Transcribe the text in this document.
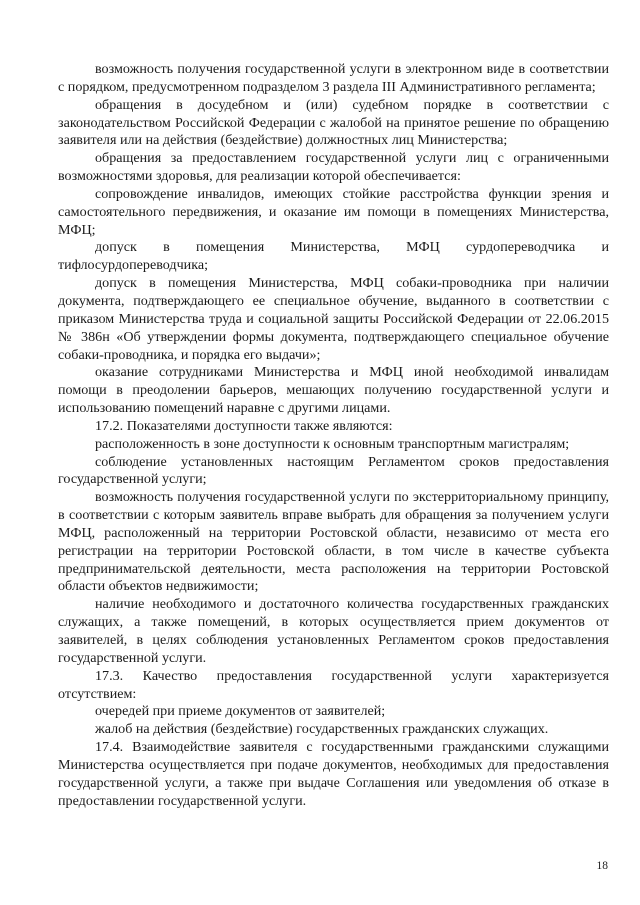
возможность получения государственной услуги в электронном виде в соответствии с порядком, предусмотренном подразделом 3 раздела III Административного регламента;

обращения в досудебном и (или) судебном порядке в соответствии с законодательством Российской Федерации с жалобой на принятое решение по обращению заявителя или на действия (бездействие) должностных лиц Министерства;

обращения за предоставлением государственной услуги лиц с ограниченными возможностями здоровья, для реализации которой обеспечивается:

сопровождение инвалидов, имеющих стойкие расстройства функции зрения и самостоятельного передвижения, и оказание им помощи в помещениях Министерства, МФЦ;

допуск в помещения Министерства, МФЦ сурдопереводчика и тифлосурдопереводчика;

допуск в помещения Министерства, МФЦ собаки-проводника при наличии документа, подтверждающего ее специальное обучение, выданного в соответствии с приказом Министерства труда и социальной защиты Российской Федерации от 22.06.2015 № 386н «Об утверждении формы документа, подтверждающего специальное обучение собаки-проводника, и порядка его выдачи»;

оказание сотрудниками Министерства и МФЦ иной необходимой инвалидам помощи в преодолении барьеров, мешающих получению государственной услуги и использованию помещений наравне с другими лицами.

17.2. Показателями доступности также являются:

расположенность в зоне доступности к основным транспортным магистралям;

соблюдение установленных настоящим Регламентом сроков предоставления государственной услуги;

возможность получения государственной услуги по экстерриториальному принципу, в соответствии с которым заявитель вправе выбрать для обращения за получением услуги МФЦ, расположенный на территории Ростовской области, независимо от места его регистрации на территории Ростовской области, в том числе в качестве субъекта предпринимательской деятельности, места расположения на территории Ростовской области объектов недвижимости;

наличие необходимого и достаточного количества государственных гражданских служащих, а также помещений, в которых осуществляется прием документов от заявителей, в целях соблюдения установленных Регламентом сроков предоставления государственной услуги.

17.3. Качество предоставления государственной услуги характеризуется отсутствием:

очередей при приеме документов от заявителей;

жалоб на действия (бездействие) государственных гражданских служащих.

17.4. Взаимодействие заявителя с государственными гражданскими служащими Министерства осуществляется при подаче документов, необходимых для предоставления государственной услуги, а также при выдаче Соглашения или уведомления об отказе в предоставлении государственной услуги.

18
